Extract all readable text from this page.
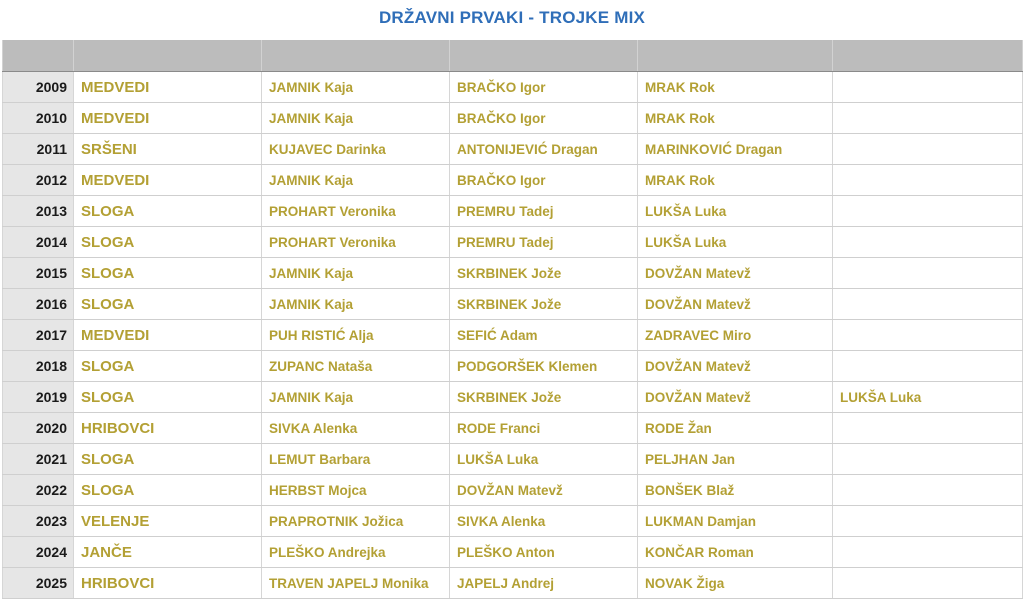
DRŽAVNI PRVAKI - TROJKE MIX

2009	MEDVEDI	JAMNIK Kaja	BRAČKO Igor	MRAK Rok	
2010	MEDVEDI	JAMNIK Kaja	BRAČKO Igor	MRAK Rok	
2011	SRŠENI	KUJAVEC Darinka	ANTONIJEVIĆ Dragan	MARINKOVIĆ Dragan	
2012	MEDVEDI	JAMNIK Kaja	BRAČKO Igor	MRAK Rok	
2013	SLOGA	PROHART Veronika	PREMRU Tadej	LUKŠA Luka	
2014	SLOGA	PROHART Veronika	PREMRU Tadej	LUKŠA Luka	
2015	SLOGA	JAMNIK Kaja	SKRBINEK Jože	DOVŽAN Matevž	
2016	SLOGA	JAMNIK Kaja	SKRBINEK Jože	DOVŽAN Matevž	
2017	MEDVEDI	PUH RISTIĆ Alja	SEFIĆ Adam	ZADRAVEC Miro	
2018	SLOGA	ZUPANC Nataša	PODGORŠEK Klemen	DOVŽAN Matevž	
2019	SLOGA	JAMNIK Kaja	SKRBINEK Jože	DOVŽAN Matevž	LUKŠA Luka
2020	HRIBOVCI	SIVKA Alenka	RODE Franci	RODE Žan	
2021	SLOGA	LEMUT Barbara	LUKŠA Luka	PELJHAN Jan	
2022	SLOGA	HERBST Mojca	DOVŽAN Matevž	BONŠEK Blaž	
2023	VELENJE	PRAPROTNIK Jožica	SIVKA Alenka	LUKMAN Damjan	
2024	JANČE	PLEŠKO Andrejka	PLEŠKO Anton	KONČAR Roman	
2025	HRIBOVCI	TRAVEN JAPELJ Monika	JAPELJ Andrej	NOVAK Žiga	
